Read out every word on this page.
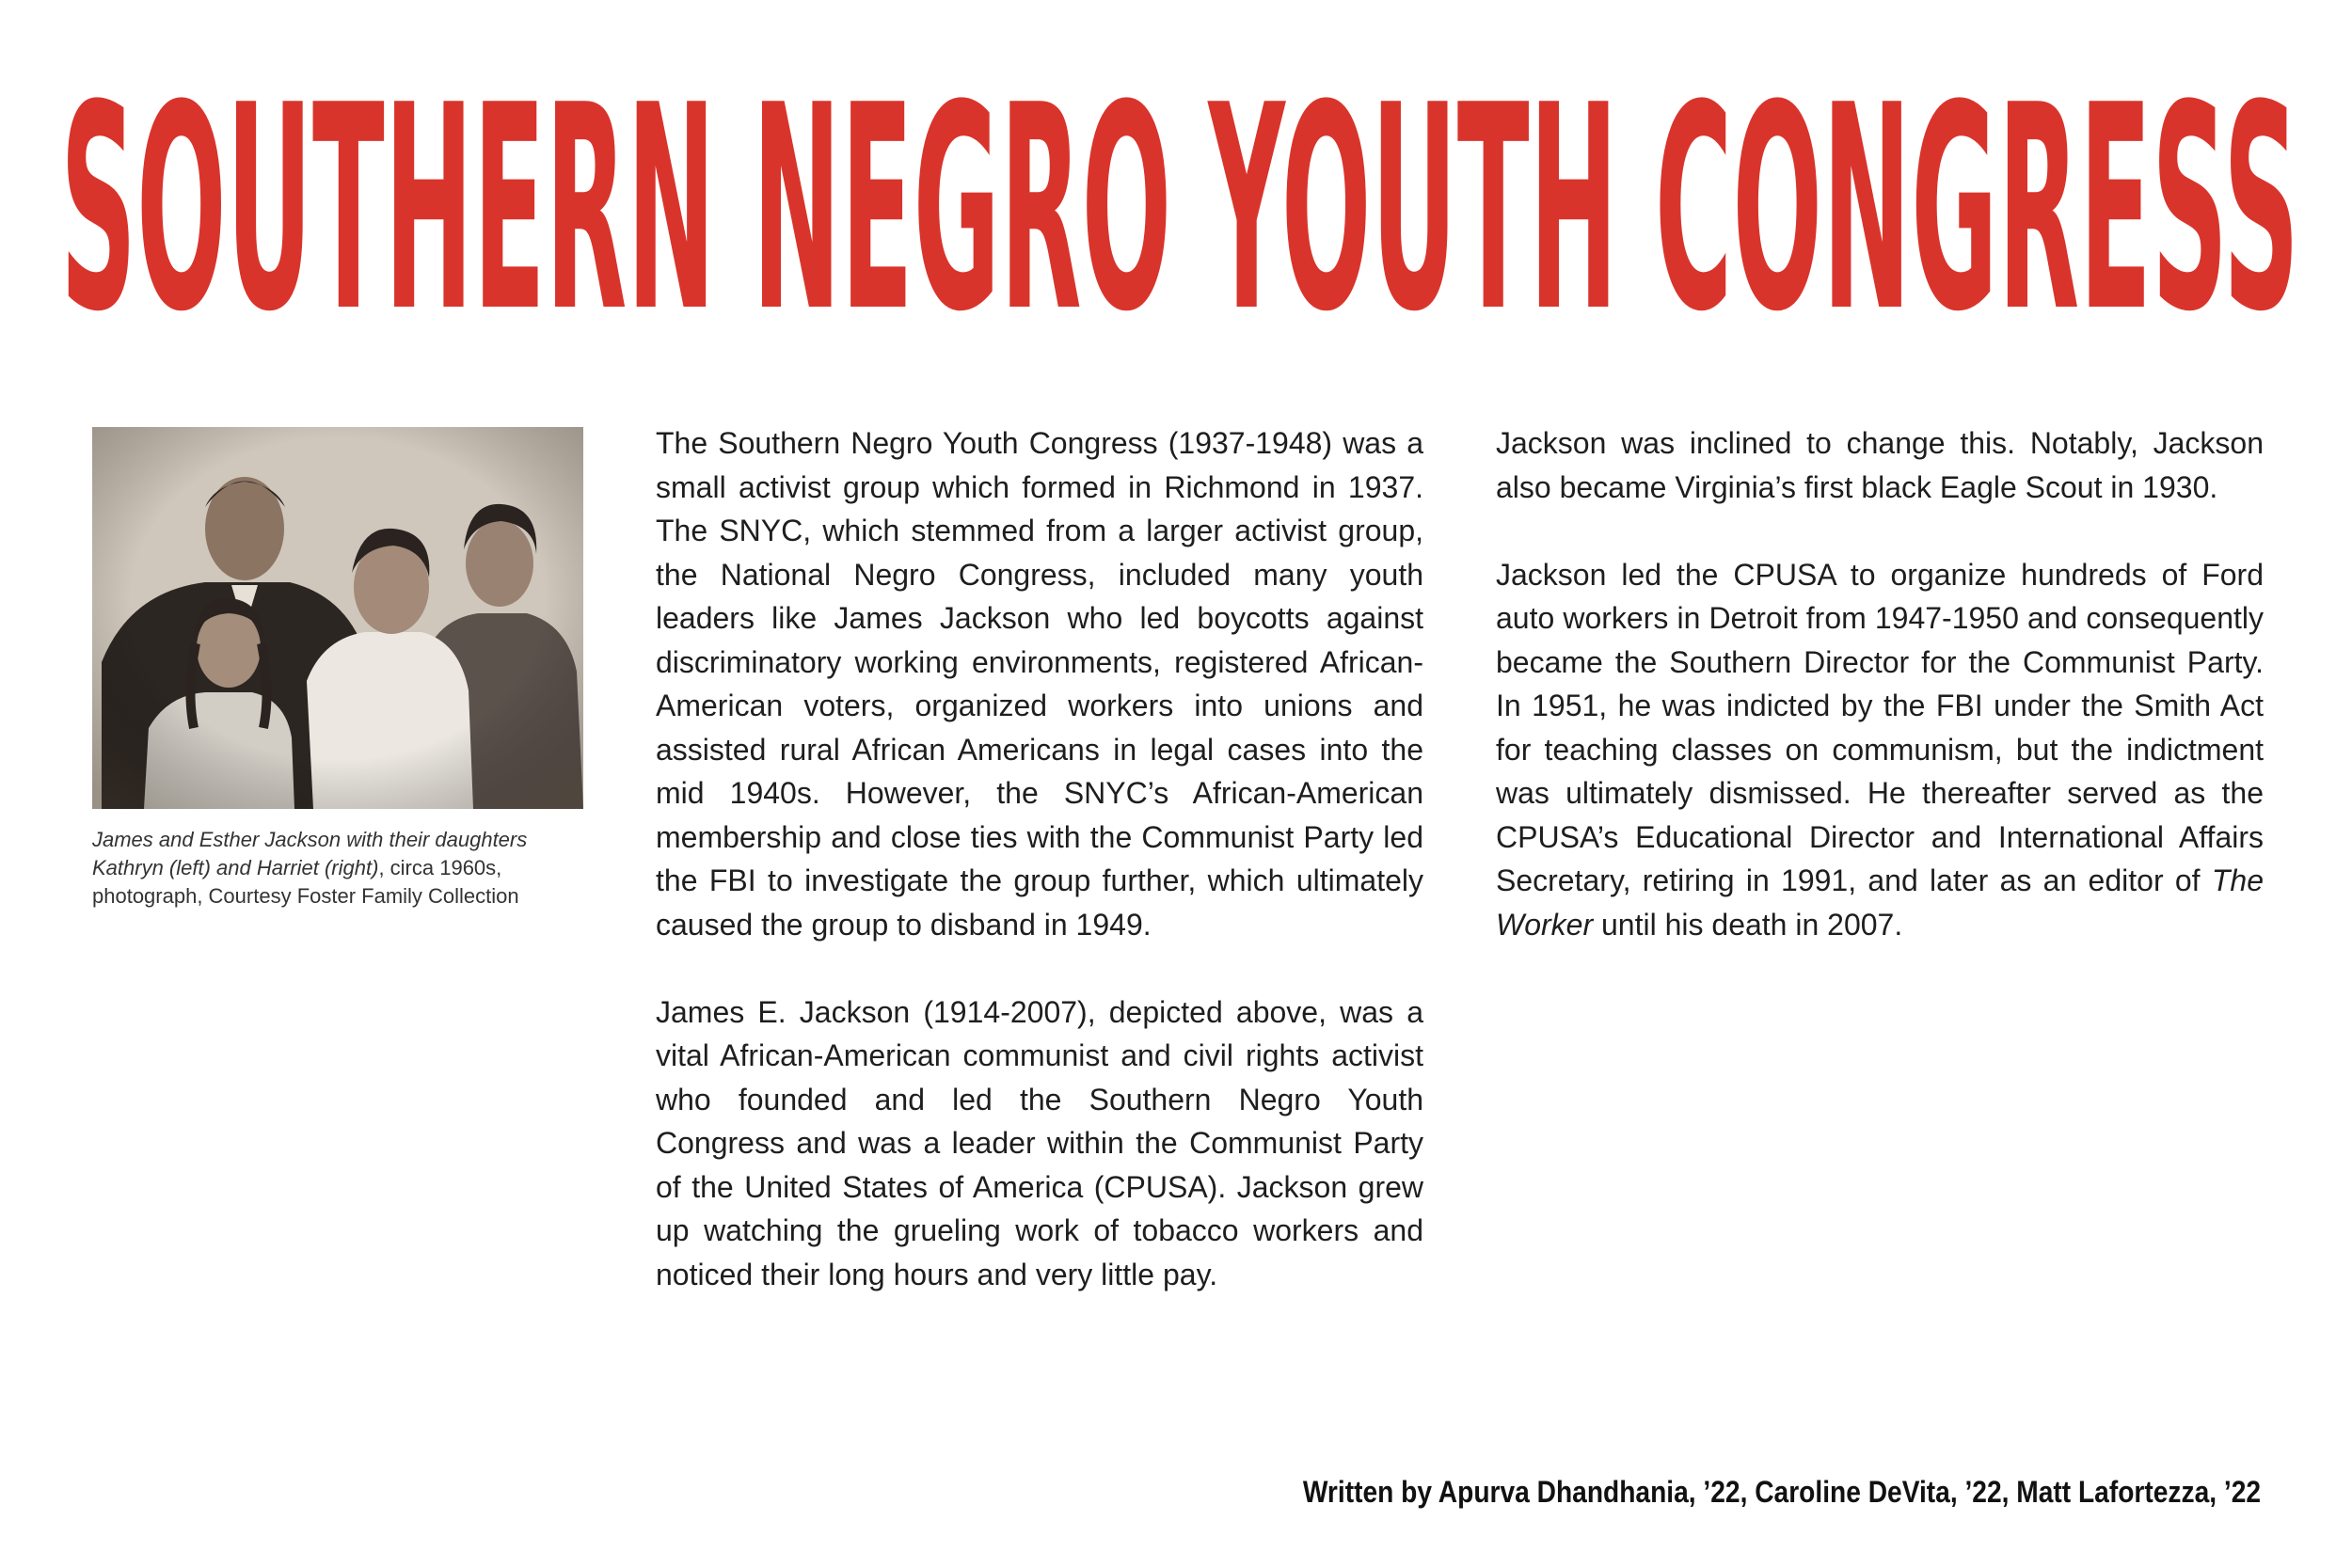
SOUTHERN NEGRO YOUTH CONGRESS
James and Esther Jackson with their daughters Kathryn (left) and Harriet (right), circa 1960s, photograph, Courtesy Foster Family Collection

The Southern Negro Youth Congress (1937-1948) was a small activist group which formed in Richmond in 1937. The SNYC, which stemmed from a larger activist group, the National Negro Congress, included many youth leaders like James Jackson who led boycotts against discriminatory working environments, registered African-American voters, organized workers into unions and assisted rural African Americans in legal cases into the mid 1940s. However, the SNYC’s African-American membership and close ties with the Communist Party led the FBI to investigate the group further, which ultimately caused the group to disband in 1949.

James E. Jackson (1914-2007), depicted above, was a vital African-American communist and civil rights activist who founded and led the Southern Negro Youth Congress and was a leader within the Communist Party of the United States of America (CPUSA). Jackson grew up watching the grueling work of tobacco workers and noticed their long hours and very little pay.

Jackson was inclined to change this. Notably, Jackson also became Virginia’s first black Eagle Scout in 1930.

Jackson led the CPUSA to organize hundreds of Ford auto workers in Detroit from 1947-1950 and consequently became the Southern Director for the Communist Party. In 1951, he was indicted by the FBI under the Smith Act for teaching classes on communism, but the indictment was ultimately dismissed. He thereafter served as the CPUSA’s Educational Director and International Affairs Secretary, retiring in 1991, and later as an editor of The Worker until his death in 2007.

Written by Apurva Dhandhania, ’22, Caroline DeVita, ’22, Matt Lafortezza, ’22
